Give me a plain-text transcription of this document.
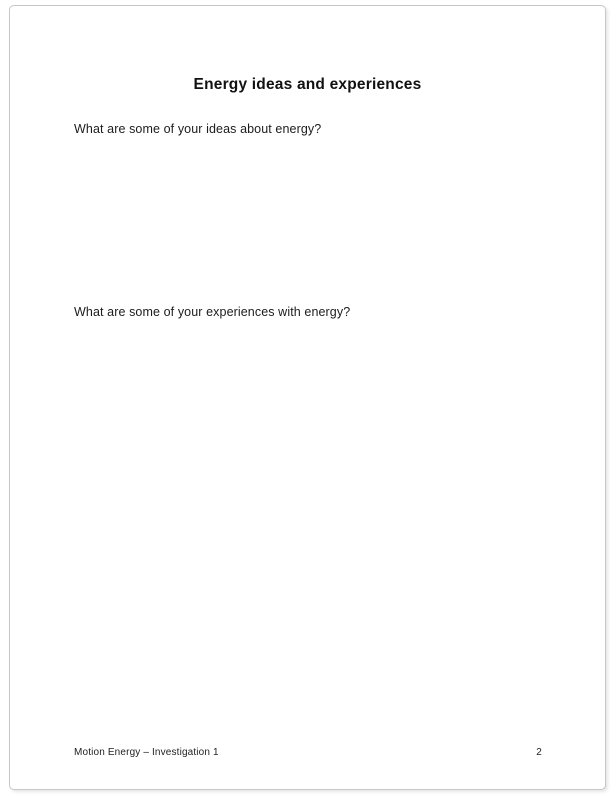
Energy ideas and experiences

What are some of your ideas about energy?

What are some of your experiences with energy?

Motion Energy – Investigation 1	2
